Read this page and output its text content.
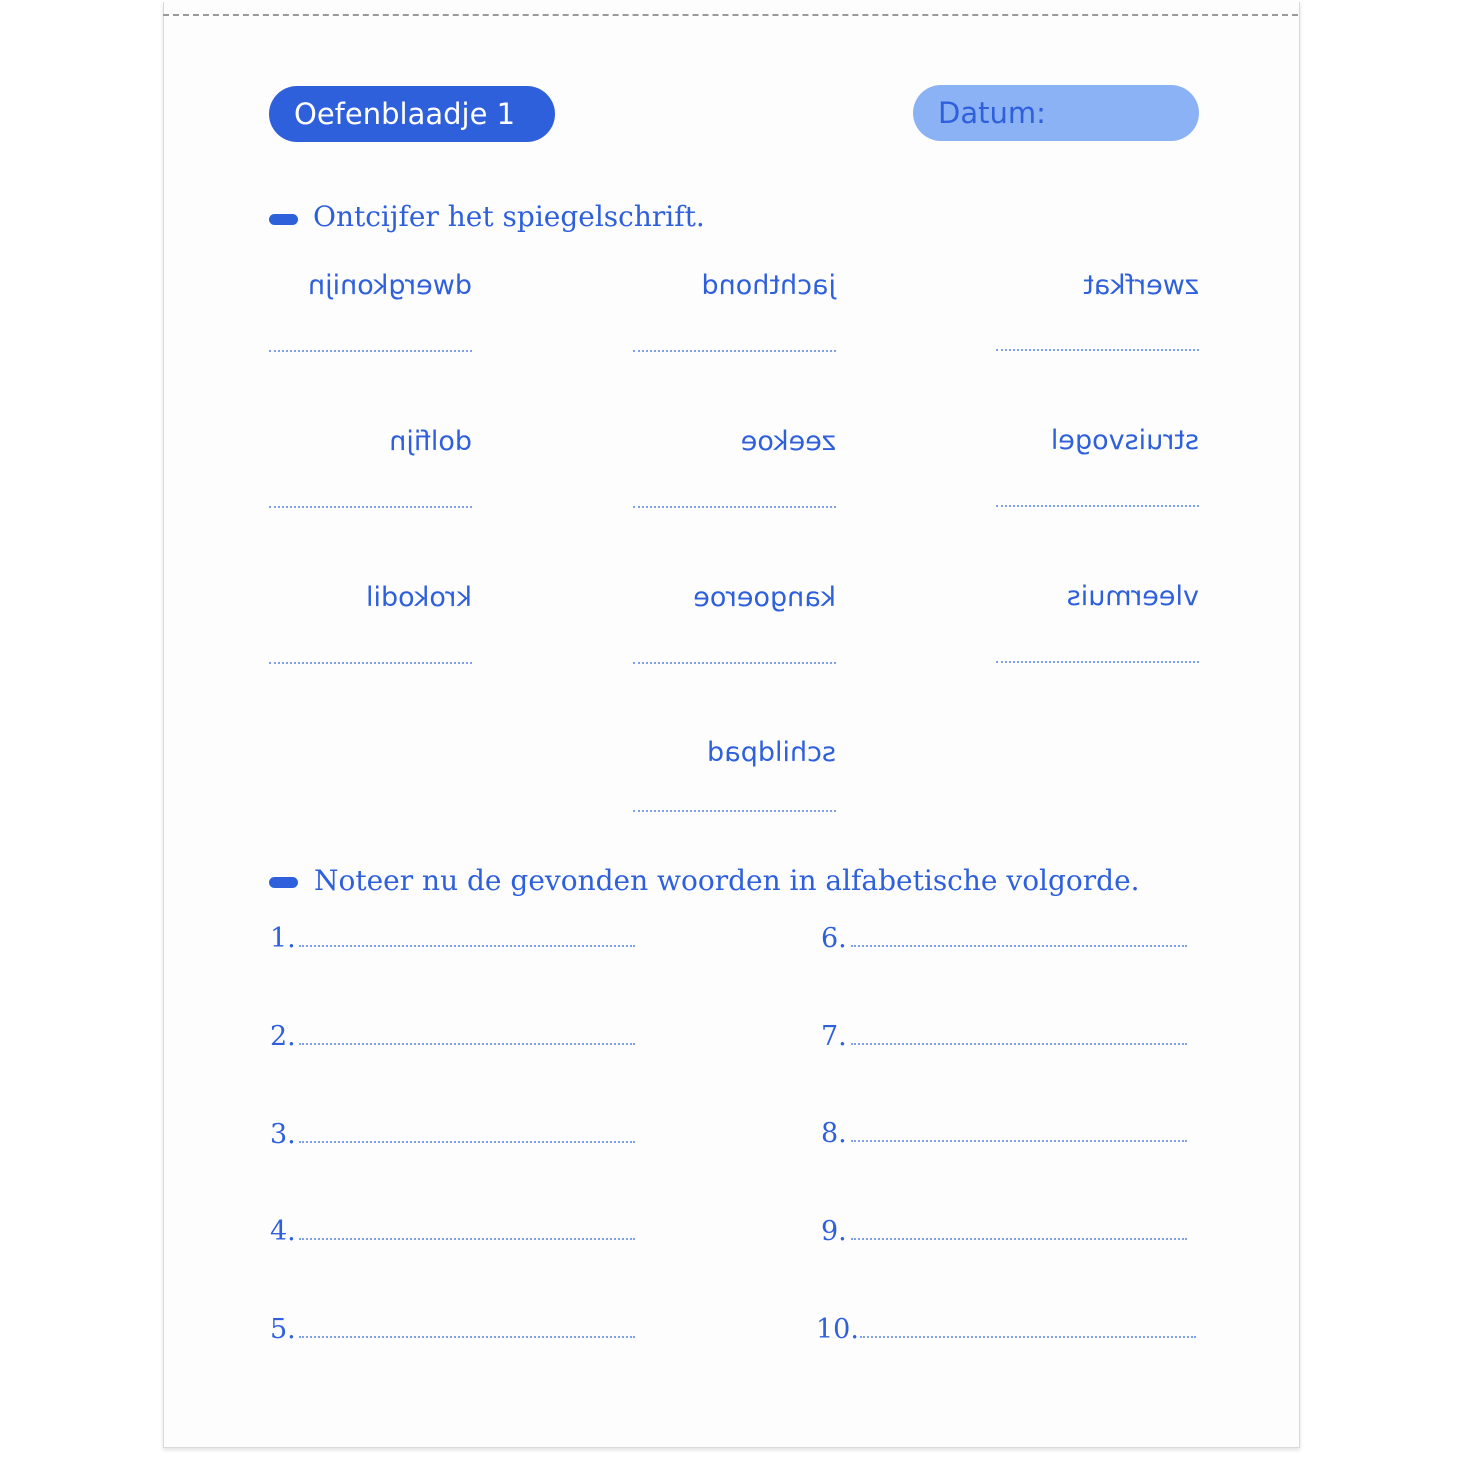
Oefenblaadje 1	Datum:
Ontcijfer het spiegelschrift.
dwergkonijn	jachthond	zwerfkat
dolfijn	zeekoe	struisvogel
krokodil	kangoeroe	vleermuis
schildpad
Noteer nu de gevonden woorden in alfabetische volgorde.
1.
2.
3.
4.
5.
6.
7.
8.
9.
10.
